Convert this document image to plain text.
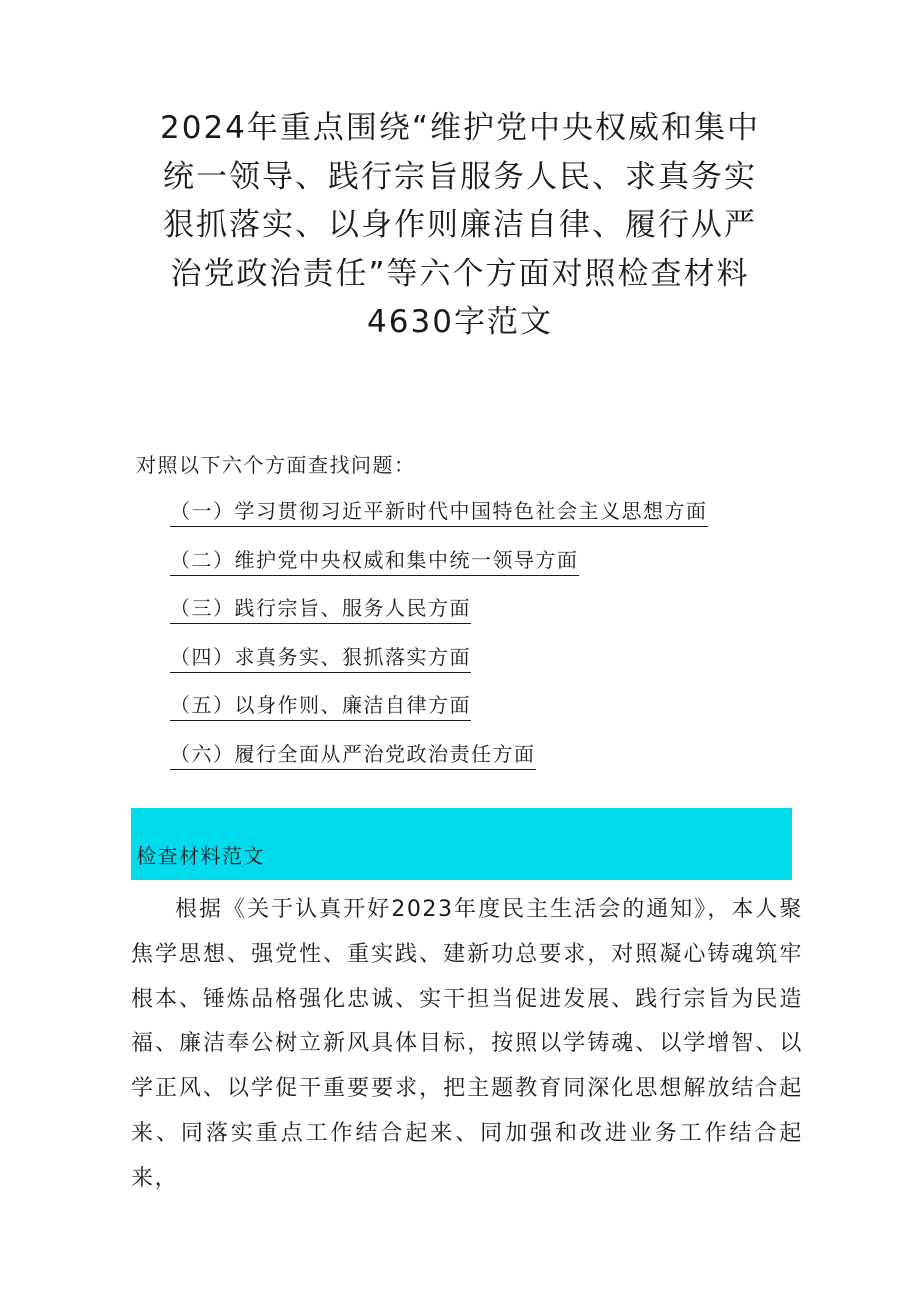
2024年重点围绕“维护党中央权威和集中统一领导、践行宗旨服务人民、求真务实狠抓落实、以身作则廉洁自律、履行从严治党政治责任”等六个方面对照检查材料4630字范文
对照以下六个方面查找问题：
（一）学习贯彻习近平新时代中国特色社会主义思想方面
（二）维护党中央权威和集中统一领导方面
（三）践行宗旨、服务人民方面
（四）求真务实、狠抓落实方面
（五）以身作则、廉洁自律方面
（六）履行全面从严治党政治责任方面
检查材料范文

根据《关于认真开好2023年度民主生活会的通知》，本人聚焦学思想、强党性、重实践、建新功总要求，对照凝心铸魂筑牢根本、锤炼品格强化忠诚、实干担当促进发展、践行宗旨为民造福、廉洁奉公树立新风具体目标，按照以学铸魂、以学增智、以学正风、以学促干重要要求，把主题教育同深化思想解放结合起来、同落实重点工作结合起来、同加强和改进业务工作结合起来，
